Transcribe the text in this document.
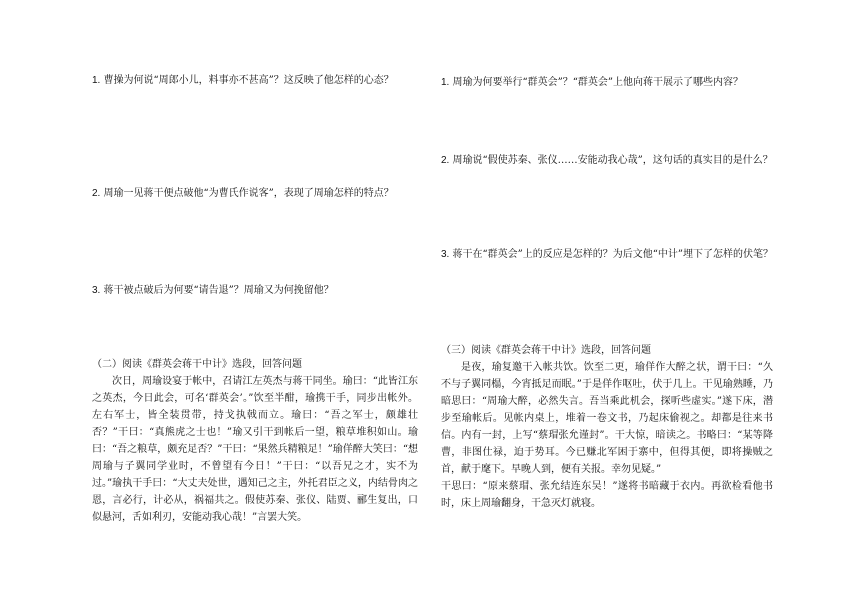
1. 曹操为何说“周郎小儿，料事亦不甚高”？这反映了他怎样的心态？

2. 周瑜一见蒋干便点破他“为曹氏作说客”，表现了周瑜怎样的特点？

3. 蒋干被点破后为何要“请告退”？周瑜又为何挽留他？

1. 周瑜为何要举行“群英会”？“群英会”上他向蒋干展示了哪些内容？

2. 周瑜说“假使苏秦、张仪……安能动我心哉”，这句话的真实目的是什么？

3. 蒋干在“群英会”上的反应是怎样的？为后文他“中计”埋下了怎样的伏笔？

（二）阅读《群英会蒋干中计》选段，回答问题

次日，周瑜设宴于帐中，召请江左英杰与蒋干同坐。瑜曰：“此皆江东之英杰，今日此会，可名‘群英会’。”饮至半酣，瑜携干手，同步出帐外。左右军士，皆全装贯带，持戈执戟而立。瑜曰：“吾之军士，颇雄壮否？”干曰：“真熊虎之士也！”瑜又引干到帐后一望，粮草堆积如山。瑜曰：“吾之粮草，颇充足否？”干曰：“果然兵精粮足！”瑜佯醉大笑曰：“想周瑜与子翼同学业时，不曾望有今日！”干曰：“以吾兄之才，实不为过。”瑜执干手曰：“大丈夫处世，遇知己之主，外托君臣之义，内结骨肉之恩，言必行，计必从，祸福共之。假使苏秦、张仪、陆贾、郦生复出，口似悬河，舌如利刃，安能动我心哉！”言罢大笑。

（三）阅读《群英会蒋干中计》选段，回答问题

是夜，瑜复邀干入帐共饮。饮至二更，瑜佯作大醉之状，谓干曰：“久不与子翼同榻，今宵抵足而眠。”于是佯作呕吐，伏于几上。干见瑜熟睡，乃暗思曰：“周瑜大醉，必然失言。吾当乘此机会，探听些虚实。”遂下床，潜步至瑜帐后。见帐内桌上，堆着一卷文书，乃起床偷视之。却都是往来书信。内有一封，上写“蔡瑁张允谨封”。干大惊，暗读之。书略曰：“某等降曹，非图仕禄，迫于势耳。今已赚北军困于寨中，但得其便，即将操贼之首，献于麾下。早晚人到，便有关报。幸勿见疑。”

干思曰：“原来蔡瑁、张允结连东吴！”遂将书暗藏于衣内。再欲检看他书时，床上周瑜翻身，干急灭灯就寝。
